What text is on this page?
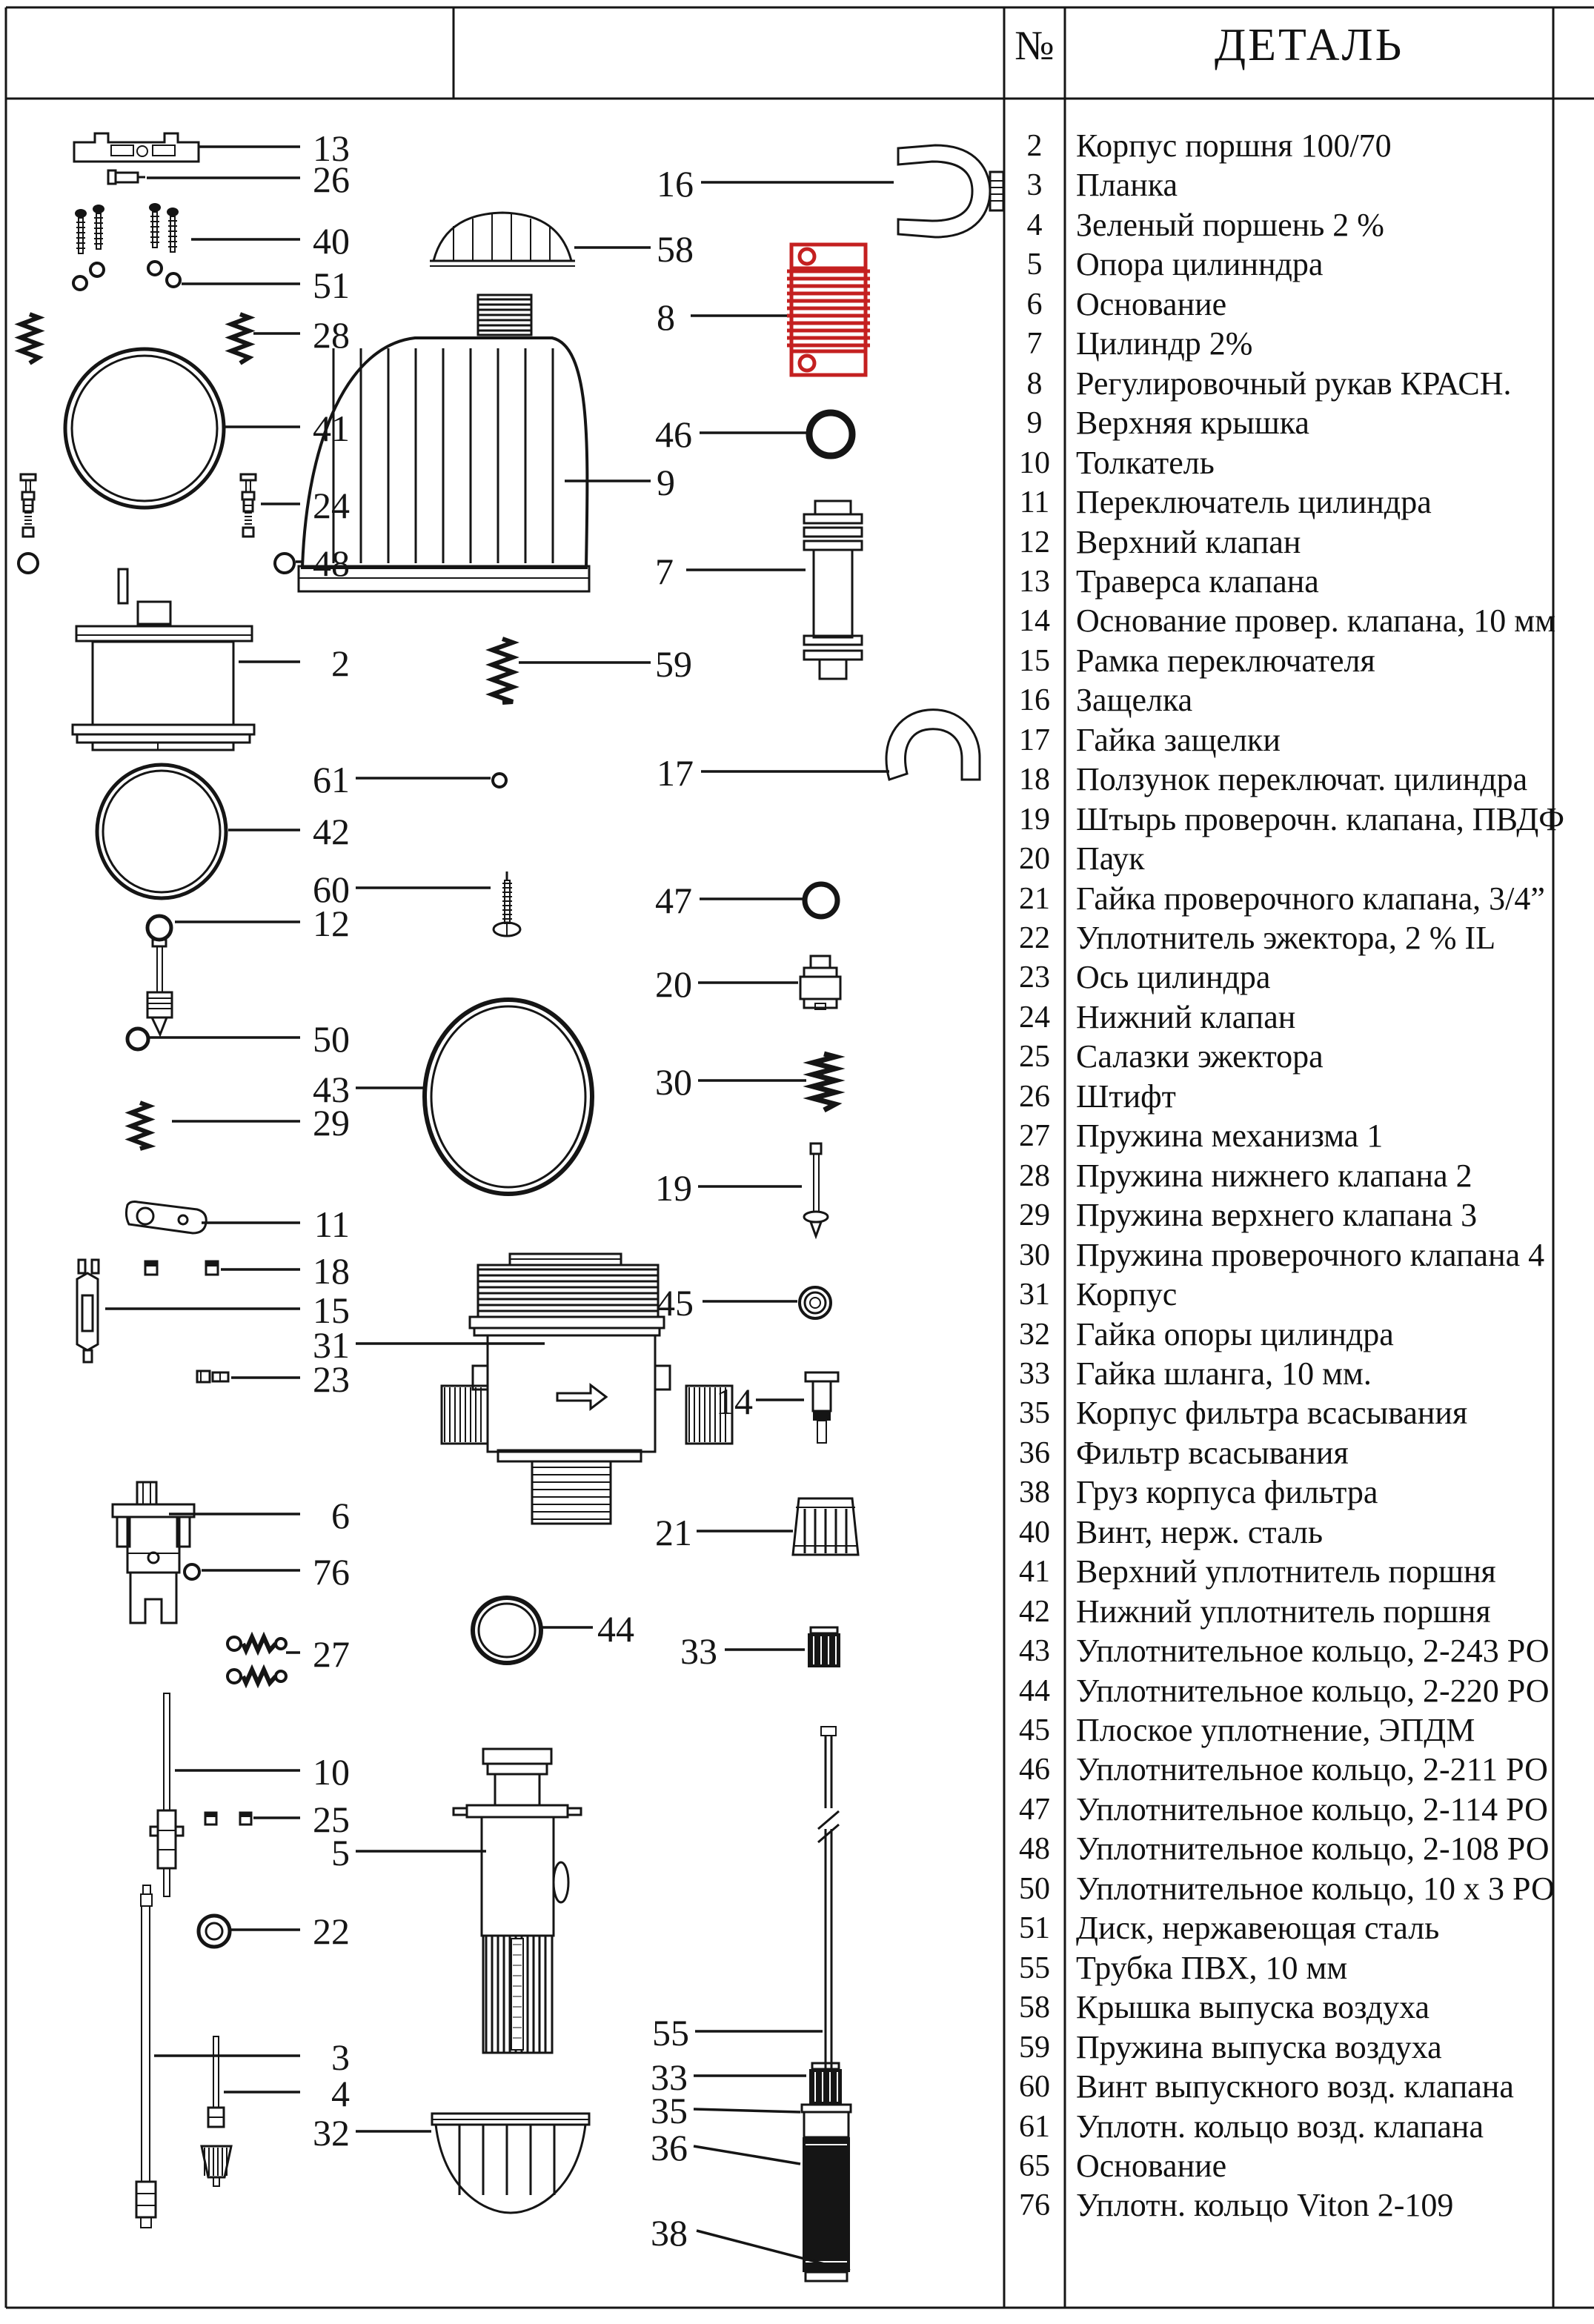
13
26
40
51
28
41
24
48
2
61
42
60
12
50
43
29
11
18
15
31
23
6
76
27
10
25
5
22
3
4
32
16
58
8
46
9
7
59
17
47
20
30
19
45
14
21
44
33
55
33
35
36
38
№	ДЕТАЛЬ
2	Корпус поршня 100/70
3	Планка
4	Зеленый поршень 2 %
5	Опора цилинндра
6	Основание
7	Цилиндр 2%
8	Регулировочный рукав КРАСН.
9	Верхняя крышка
10 Толкатель
11 Переключатель цилиндра
12 Верхний клапан
13 Траверса клапана
14 Основание провер. клапана, 10 мм
15 Рамка переключателя
16 Защелка
17 Гайка защелки
18 Ползунок переключат. цилиндра
19 Штырь проверочн. клапана, ПВДФ
20 Паук
21 Гайка проверочного клапана, 3/4”
22 Уплотнитель эжектора, 2 % IL
23 Ось цилиндра
24 Нижний клапан
25 Салазки эжектора
26 Штифт
27 Пружина механизма 1
28 Пружина нижнего клапана 2
29 Пружина верхнего клапана 3
30 Пружина проверочного клапана 4
31 Корпус
32 Гайка опоры цилиндра
33 Гайка шланга, 10 мм.
35 Корпус фильтра всасывания
36 Фильтр всасывания
38 Груз корпуса фильтра
40 Винт, нерж. сталь
41 Верхний уплотнитель поршня
42 Нижний уплотнитель поршня
43 Уплотнительное кольцо, 2-243 РО
44 Уплотнительное кольцо, 2-220 РО
45 Плоское уплотнение, ЭПДМ
46 Уплотнительное кольцо, 2-211 РО
47 Уплотнительное кольцо, 2-114 РО
48 Уплотнительное кольцо, 2-108 РО
50 Уплотнительное кольцо, 10 х 3 РО
51 Диск, нержавеющая сталь
55 Трубка ПВХ, 10 мм
58 Крышка выпуска воздуха
59 Пружина выпуска воздуха
60 Винт выпускного возд. клапана
61 Уплотн. кольцо возд. клапана
65 Основание
76 Уплотн. кольцо Viton 2-109
